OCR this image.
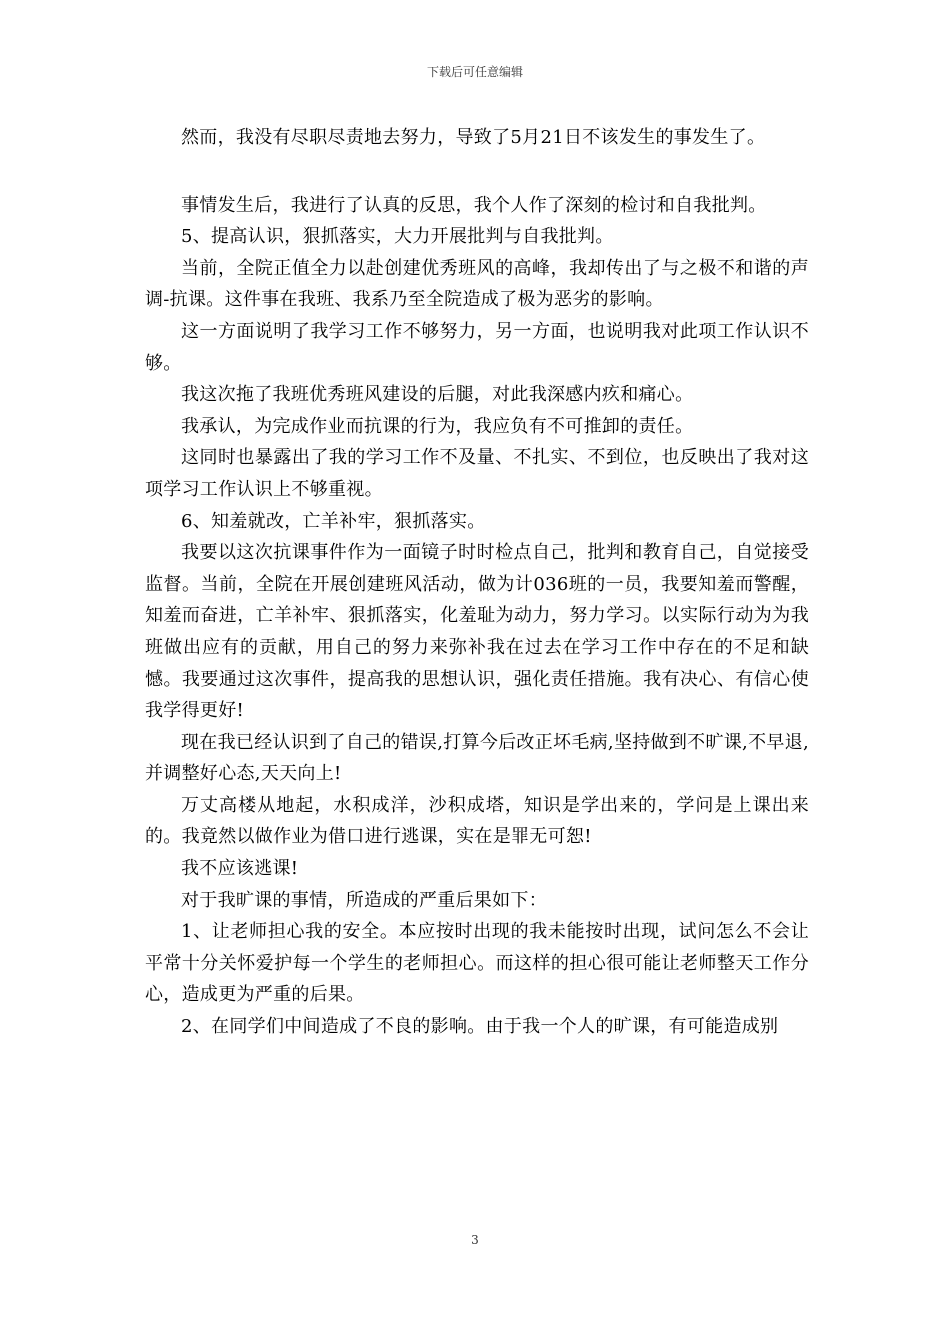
下载后可任意编辑

然而，我没有尽职尽责地去努力，导致了5月21日不该发生的事发生了。

事情发生后，我进行了认真的反思，我个人作了深刻的检讨和自我批判。

5、提高认识，狠抓落实，大力开展批判与自我批判。

当前，全院正值全力以赴创建优秀班风的高峰，我却传出了与之极不和谐的声调-抗课。这件事在我班、我系乃至全院造成了极为恶劣的影响。

这一方面说明了我学习工作不够努力，另一方面，也说明我对此项工作认识不够。

我这次拖了我班优秀班风建设的后腿，对此我深感内疚和痛心。

我承认，为完成作业而抗课的行为，我应负有不可推卸的责任。

这同时也暴露出了我的学习工作不及量、不扎实、不到位，也反映出了我对这项学习工作认识上不够重视。

6、知羞就改，亡羊补牢，狠抓落实。

我要以这次抗课事件作为一面镜子时时检点自己，批判和教育自己，自觉接受监督。当前，全院在开展创建班风活动，做为计036班的一员，我要知羞而警醒，知羞而奋进，亡羊补牢、狠抓落实，化羞耻为动力，努力学习。以实际行动为为我班做出应有的贡献，用自己的努力来弥补我在过去在学习工作中存在的不足和缺憾。我要通过这次事件，提高我的思想认识，强化责任措施。我有决心、有信心使我学得更好!

现在我已经认识到了自己的错误,打算今后改正坏毛病,坚持做到不旷课,不早退,并调整好心态,天天向上!

万丈高楼从地起，水积成洋，沙积成塔，知识是学出来的，学问是上课出来的。我竟然以做作业为借口进行逃课，实在是罪无可恕!

我不应该逃课!

对于我旷课的事情，所造成的严重后果如下：

1、让老师担心我的安全。本应按时出现的我未能按时出现，试问怎么不会让平常十分关怀爱护每一个学生的老师担心。而这样的担心很可能让老师整天工作分心，造成更为严重的后果。

2、在同学们中间造成了不良的影响。由于我一个人的旷课，有可能造成别

3
